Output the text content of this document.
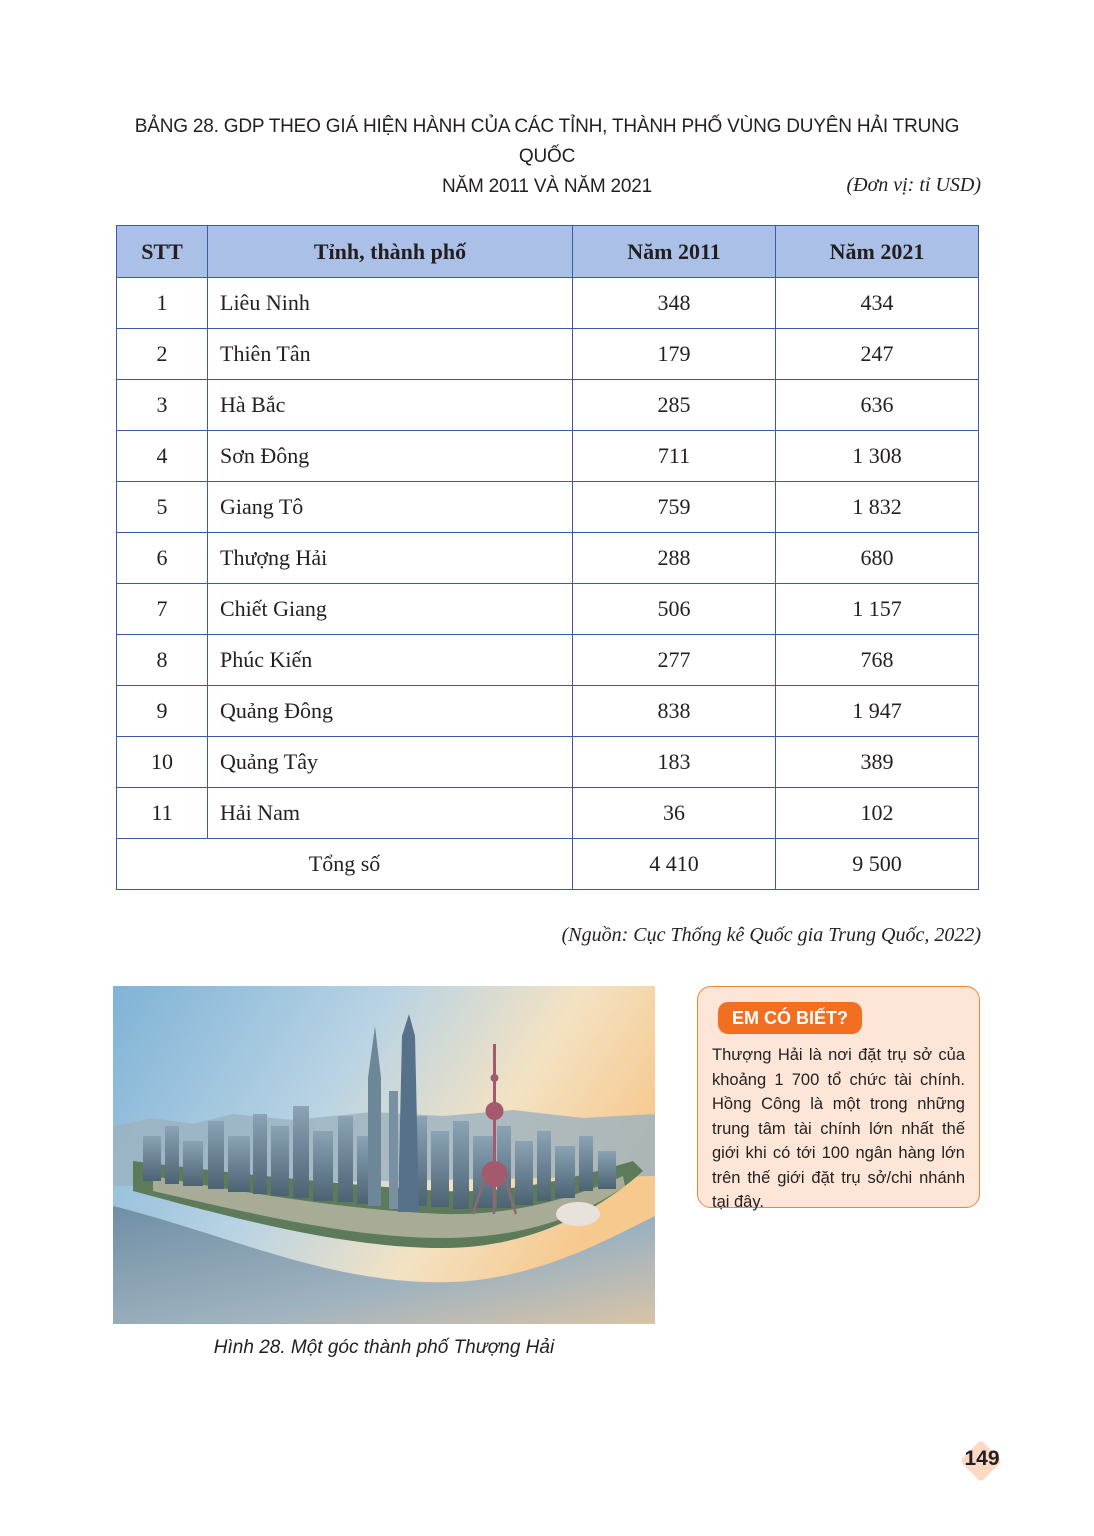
BẢNG 28. GDP THEO GIÁ HIỆN HÀNH CỦA CÁC TỈNH, THÀNH PHỐ VÙNG DUYÊN HẢI TRUNG QUỐC
NĂM 2011 VÀ NĂM 2021	(Đơn vị: tỉ USD)
STT	Tỉnh, thành phố	Năm 2011	Năm 2021
1	Liêu Ninh	348	434
2	Thiên Tân	179	247
3	Hà Bắc	285	636
4	Sơn Đông	711	1 308
5	Giang Tô	759	1 832
6	Thượng Hải	288	680
7	Chiết Giang	506	1 157
8	Phúc Kiến	277	768
9	Quảng Đông	838	1 947
10	Quảng Tây	183	389
11	Hải Nam	36	102
Tổng số		4 410	9 500
(Nguồn: Cục Thống kê Quốc gia Trung Quốc, 2022)
Hình 28. Một góc thành phố Thượng Hải
EM CÓ BIẾT?
Thượng Hải là nơi đặt trụ sở của khoảng 1 700 tổ chức tài chính. Hồng Công là một trong những trung tâm tài chính lớn nhất thế giới khi có tới 100 ngân hàng lớn trên thế giới đặt trụ sở/chi nhánh tại đây.
149
